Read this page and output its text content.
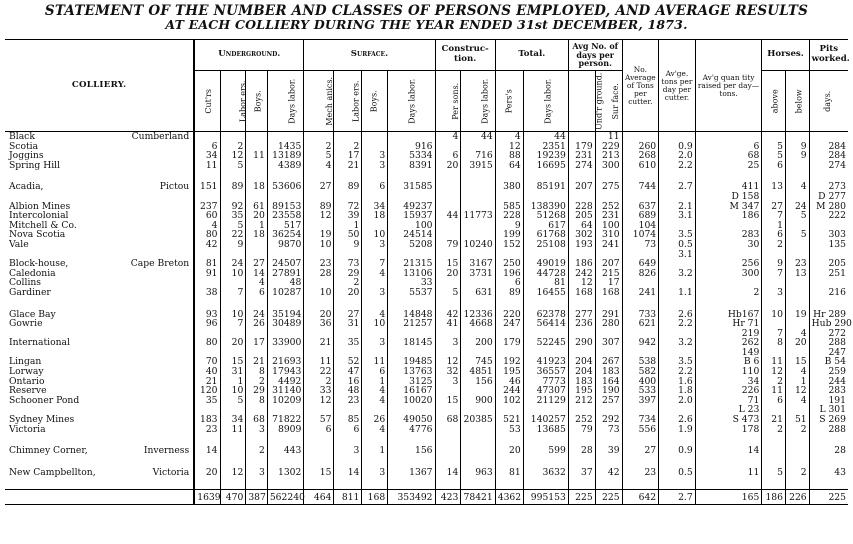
STATEMENT OF THE NUMBER AND CLASSES OF PERSONS EMPLOYED, AND AVERAGE RESULTS
AT EACH COLLIERY DURING THE YEAR ENDED 31st DECEMBER, 1873.
COLLIERY.	Underground.				Surface.				Construc-tion.		Total.		Avg No. of days per person.		No. Average of Tons per cutter.	Av'ge. tons per day per cutter.	Av'g quan tity raised per day—tons.	Horses.		Pits worked.
	Cut'rs	Labor ers.	Boys.	Days labor.	Mech anics.	Labor ers.	Boys.	Days labor.	Per sons.	Days labor.	Pers's	Days labor.	Und'r ground.	Sur face.				above	below	days.

Cumberland
Black									4	44	4	44		11						

Scotia	6	2		1435	2	2		916			12	2351	179	229	260	0.9	6	5	9	284

Joggins	34	12	11	13189	5	17	3	5334	6	716	88	19239	231	213	268	2.0	68	5	9	284

Spring Hill	11	5		4389	4	21	3	8391	20	3915	64	16695	274	300	610	2.2	25	6		274

Pictou
Acadia,	151	89	18	53606	27	89	6	31585			380	85191	207	275	744	2.7	411	13	4	273

																	D 158			D 277

Albion Mines	237	92	61	89153	89	72	34	49237			585	138390	228	252	637	2.1	M 347	27	24	M 280

Intercolonial	60	35	20	23558	12	39	18	15937	44	11773	228	51268	205	231	689	3.1	186	7	5	222

Mitchell & Co.	4	5	1	517		1		100			9	617	64	100	104			1		

Nova Scotia	80	22	18	36254	19	50	10	24514			199	61768	302	310	1074	3.5	283	6	5	303

Vale	42	9		9870	10	9	3	5208	79	10240	152	25108	193	241	73	0.5	30	2		135

																3.1				

Cape Breton
Block-house,	81	24	27	24507	23	73	7	21315	15	3167	250	49019	186	207	649		256	9	23	205

Caledonia	91	10	14	27891	28	29	4	13106	20	3731	196	44728	242	215	826	3.2	300	7	13	251

Collins			4	48		2		33			6	81	12	17						

Gardiner	38	7	6	10287	10	20	3	5537	5	631	89	16455	168	168	241	1.1	2	3		216

Glace Bay	93	10	24	35194	20	27	4	14848	42	12336	220	62378	277	291	733	2.6	Hb167	10	19	Hr 289

Gowrie	96	7	26	30489	36	31	10	21257	41	4668	247	56414	236	280	621	2.2	Hr 71			Hub 290

																	219	7	4	272

International	80	20	17	33900	21	35	3	18145	3	200	179	52245	290	307	942	3.2	262	8	20	288

																	149			247

Lingan	70	15	21	21693	11	52	11	19485	12	745	192	41923	204	267	538	3.5	B 6	11	15	B 54

Lorway	40	31	8	17943	22	47	6	13763	32	4851	195	36557	204	183	582	2.2	110	12	4	259

Ontario	21	1	2	4492	2	16	1	3125	3	156	46	7773	183	164	400	1.6	34	2	1	244

Reserve	120	10	29	31140	33	48	4	16167			244	47307	195	190	533	1.8	226	11	12	283

Schooner Pond	35	5	8	10209	12	23	4	10020	15	900	102	21129	212	257	397	2.0	71	6	4	191

																	L 23			L 301

Sydney Mines	183	34	68	71822	57	85	26	49050	68	20385	521	140257	252	292	734	2.6	S 473	21	51	S 269

Victoria	23	11	3	8909	6	6	4	4776			53	13685	79	73	556	1.9	178	2	2	288

Inverness
Chimney Corner,	14		2	443		3	1	156			20	599	28	39	27	0.9	14			28

Victoria
New Campbellton,	20	12	3	1302	15	14	3	1367	14	963	81	3632	37	42	23	0.5	11	5	2	43

	1639	470	387	562240	464	811	168	353492	423	78421	4362	995153	225	225	642	2.7	165	186	226	225
